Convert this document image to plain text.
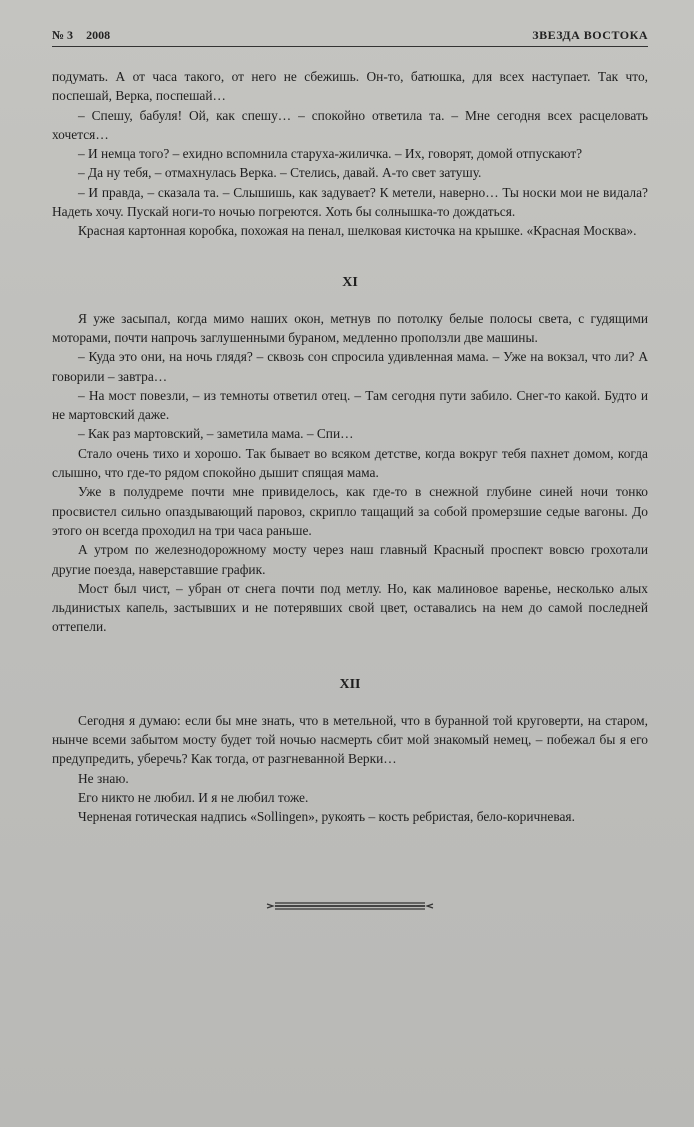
№ 3 2008	ЗВЕЗДА ВОСТОКА

подумать. А от часа такого, от него не сбежишь. Он-то, батюшка, для всех наступает. Так что, поспешай, Верка, поспешай…

– Спешу, бабуля! Ой, как спешу… – спокойно ответила та. – Мне сегодня всех расцеловать хочется…

– И немца того? – ехидно вспомнила старуха-жиличка. – Их, говорят, домой отпускают?

– Да ну тебя, – отмахнулась Верка. – Стелись, давай. А-то свет затушу.

– И правда, – сказала та. – Слышишь, как задувает? К метели, наверно… Ты носки мои не видала? Надеть хочу. Пускай ноги-то ночью погреются. Хоть бы солнышка-то дождаться.

Красная картонная коробка, похожая на пенал, шелковая кисточка на крышке. «Красная Москва».

XI

Я уже засыпал, когда мимо наших окон, метнув по потолку белые полосы света, с гудящими моторами, почти напрочь заглушенными бураном, медленно проползли две машины.

– Куда это они, на ночь глядя? – сквозь сон спросила удивленная мама. – Уже на вокзал, что ли? А говорили – завтра…

– На мост повезли, – из темноты ответил отец. – Там сегодня пути забило. Снег-то какой. Будто и не мартовский даже.

– Как раз мартовский, – заметила мама. – Спи…

Стало очень тихо и хорошо. Так бывает во всяком детстве, когда вокруг тебя пахнет домом, когда слышно, что где-то рядом спокойно дышит спящая мама.

Уже в полудреме почти мне привиделось, как где-то в снежной глубине синей ночи тонко просвистел сильно опаздывающий паровоз, скрипло тащащий за собой промерзшие седые вагоны. До этого он всегда проходил на три часа раньше.

А утром по железнодорожному мосту через наш главный Красный проспект вовсю грохотали другие поезда, наверставшие график.

Мост был чист, – убран от снега почти под метлу. Но, как малиновое варенье, несколько алых льдинистых капель, застывших и не потерявших свой цвет, оставались на нем до самой последней оттепели.

XII

Сегодня я думаю: если бы мне знать, что в метельной, что в буранной той круговерти, на старом, нынче всеми забытом мосту будет той ночью насмерть сбит мой знакомый немец, – побежал бы я его предупредить, уберечь? Как тогда, от разгневанной Верки…

Не знаю.

Его никто не любил. И я не любил тоже.

Черненая готическая надпись «Sollingen», рукоять – кость ребристая, бело-коричневая.
